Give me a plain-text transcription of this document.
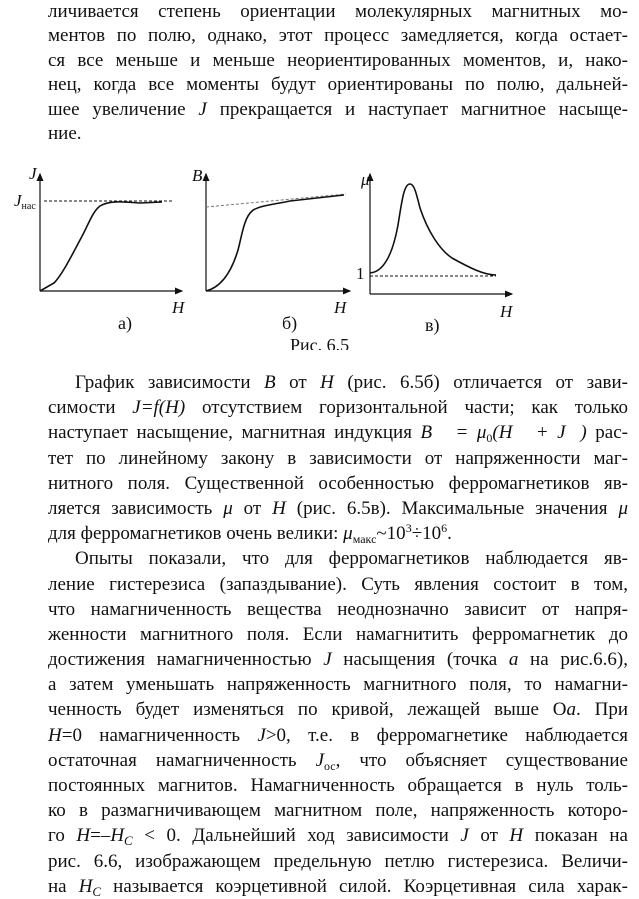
личивается степень ориентации молекулярных магнитных мо-
ментов по полю, однако, этот процесс замедляется, когда остает-
ся все меньше и меньше неориентированных моментов, и, нако-
нец, когда все моменты будут ориентированы по полю, дальней-
шее увеличение J прекращается и наступает магнитное насыще-
ние.
J
Jнас
H
а)
B
H
б)
μ
1
H
в)
Рис. 6.5
График зависимости B от H (рис. 6.5б) отличается от зави-
симости J=f(H) отсутствием горизонтальной части; как только
наступает насыщение, магнитная индукция B⃗ = $\mu_0(H⃗$ + J⃗) рас-
тет по линейному закону в зависимости от напряженности маг-
нитного поля. Существенной особенностью ферромагнетиков яв-
ляется зависимость μ от H (рис. 6.5в). Максимальные значения μ
для ферромагнетиков очень велики: $\mu_{макс}\sim 10^3\div 10^6$.
Опыты показали, что для ферромагнетиков наблюдается яв-
ление гистерезиса (запаздывание). Суть явления состоит в том,
что намагниченность вещества неоднозначно зависит от напря-
женности магнитного поля. Если намагнитить ферромагнетик до
достижения намагниченностью J насыщения (точка a на рис.6.6),
а затем уменьшать напряженность магнитного поля, то намагни-
ченность будет изменяться по кривой, лежащей выше Оa. При
H=0 намагниченность J>0, т.е. в ферромагнетике наблюдается
остаточная намагниченность $J_{ос}$, что объясняет существование
постоянных магнитов. Намагниченность обращается в нуль толь-
ко в размагничивающем магнитном поле, напряженность которо-
го $H=-H_C < 0$. Дальнейший ход зависимости J от H показан на
рис. 6.6, изображающем предельную петлю гистерезиса. Величи-
на $H_C$ называется коэрцетивной силой. Коэрцетивная сила харак-
